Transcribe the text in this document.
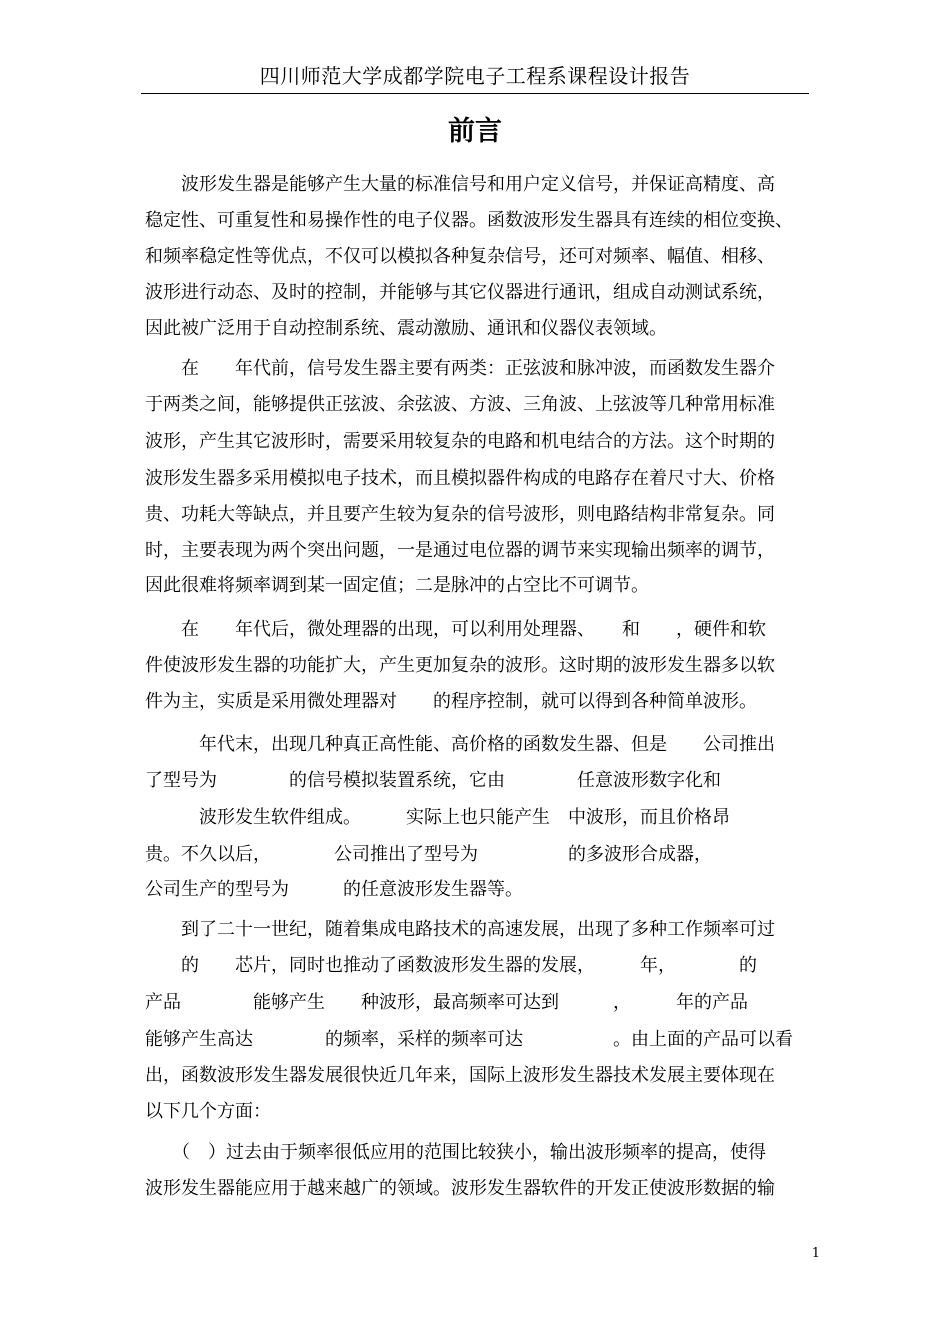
四川师范大学成都学院电子工程系课程设计报告
前言

　　波形发生器是能够产生大量的标准信号和用户定义信号，并保证高精度、高

稳定性、可重复性和易操作性的电子仪器。函数波形发生器具有连续的相位变换、

和频率稳定性等优点，不仅可以模拟各种复杂信号，还可对频率、幅值、相移、

波形进行动态、及时的控制，并能够与其它仪器进行通讯，组成自动测试系统，

因此被广泛用于自动控制系统、震动激励、通讯和仪器仪表领域。

　　在　　年代前，信号发生器主要有两类：正弦波和脉冲波，而函数发生器介

于两类之间，能够提供正弦波、余弦波、方波、三角波、上弦波等几种常用标准

波形，产生其它波形时，需要采用较复杂的电路和机电结合的方法。这个时期的

波形发生器多采用模拟电子技术，而且模拟器件构成的电路存在着尺寸大、价格

贵、功耗大等缺点，并且要产生较为复杂的信号波形，则电路结构非常复杂。同

时，主要表现为两个突出问题，一是通过电位器的调节来实现输出频率的调节，

因此很难将频率调到某一固定值；二是脉冲的占空比不可调节。

　　在　　年代后，微处理器的出现，可以利用处理器、　　和　　，硬件和软

件使波形发生器的功能扩大，产生更加复杂的波形。这时期的波形发生器多以软

件为主，实质是采用微处理器对　　的程序控制，就可以得到各种简单波形。

　　　年代末，出现几种真正高性能、高价格的函数发生器、但是　　公司推出

了型号为　　　　的信号模拟装置系统，它由　　　　任意波形数字化和

　　　波形发生软件组成。　　　实际上也只能产生　中波形，而且价格昂

贵。不久以后，　　　　公司推出了型号为　　　　　的多波形合成器，

公司生产的型号为　　　的任意波形发生器等。

　　到了二十一世纪，随着集成电路技术的高速发展，出现了多种工作频率可过

　　的　　芯片，同时也推动了函数波形发生器的发展，　　　年，　　　　的

产品　　　　能够产生　　种波形，最高频率可达到　　　，　　　年的产品

能够产生高达　　　　的频率，采样的频率可达　　　　　。由上面的产品可以看

出，函数波形发生器发展很快近几年来，国际上波形发生器技术发展主要体现在

以下几个方面：

　　（　）过去由于频率很低应用的范围比较狭小，输出波形频率的提高，使得

波形发生器能应用于越来越广的领域。波形发生器软件的开发正使波形数据的输

1
